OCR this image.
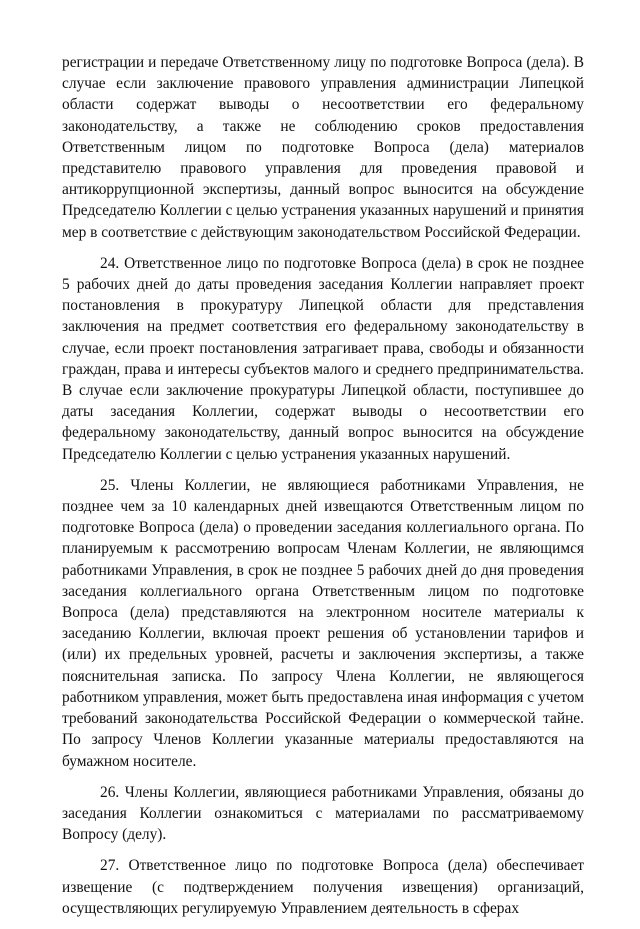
регистрации и передаче Ответственному лицу по подготовке Вопроса (дела). В случае если заключение правового управления администрации Липецкой области содержат выводы о несоответствии его федеральному законодательству, а также не соблюдению сроков предоставления Ответственным лицом по подготовке Вопроса (дела) материалов представителю правового управления для проведения правовой и антикоррупционной экспертизы, данный вопрос выносится на обсуждение Председателю Коллегии с целью устранения указанных нарушений и принятия мер в соответствие с действующим законодательством Российской Федерации.

24. Ответственное лицо по подготовке Вопроса (дела) в срок не позднее 5 рабочих дней до даты проведения заседания Коллегии направляет проект постановления в прокуратуру Липецкой области для представления заключения на предмет соответствия его федеральному законодательству в случае, если проект постановления затрагивает права, свободы и обязанности граждан, права и интересы субъектов малого и среднего предпринимательства. В случае если заключение прокуратуры Липецкой области, поступившее до даты заседания Коллегии, содержат выводы о несоответствии его федеральному законодательству, данный вопрос выносится на обсуждение Председателю Коллегии с целью устранения указанных нарушений.

25. Члены Коллегии, не являющиеся работниками Управления, не позднее чем за 10 календарных дней извещаются Ответственным лицом по подготовке Вопроса (дела) о проведении заседания коллегиального органа. По планируемым к рассмотрению вопросам Членам Коллегии, не являющимся работниками Управления, в срок не позднее 5 рабочих дней до дня проведения заседания коллегиального органа Ответственным лицом по подготовке Вопроса (дела) представляются на электронном носителе материалы к заседанию Коллегии, включая проект решения об установлении тарифов и (или) их предельных уровней, расчеты и заключения экспертизы, а также пояснительная записка. По запросу Члена Коллегии, не являющегося работником управления, может быть предоставлена иная информация с учетом требований законодательства Российской Федерации о коммерческой тайне. По запросу Членов Коллегии указанные материалы предоставляются на бумажном носителе.

26. Члены Коллегии, являющиеся работниками Управления, обязаны до заседания Коллегии ознакомиться с материалами по рассматриваемому Вопросу (делу).

27. Ответственное лицо по подготовке Вопроса (дела) обеспечивает извещение (с подтверждением получения извещения) организаций, осуществляющих регулируемую Управлением деятельность в сферах
